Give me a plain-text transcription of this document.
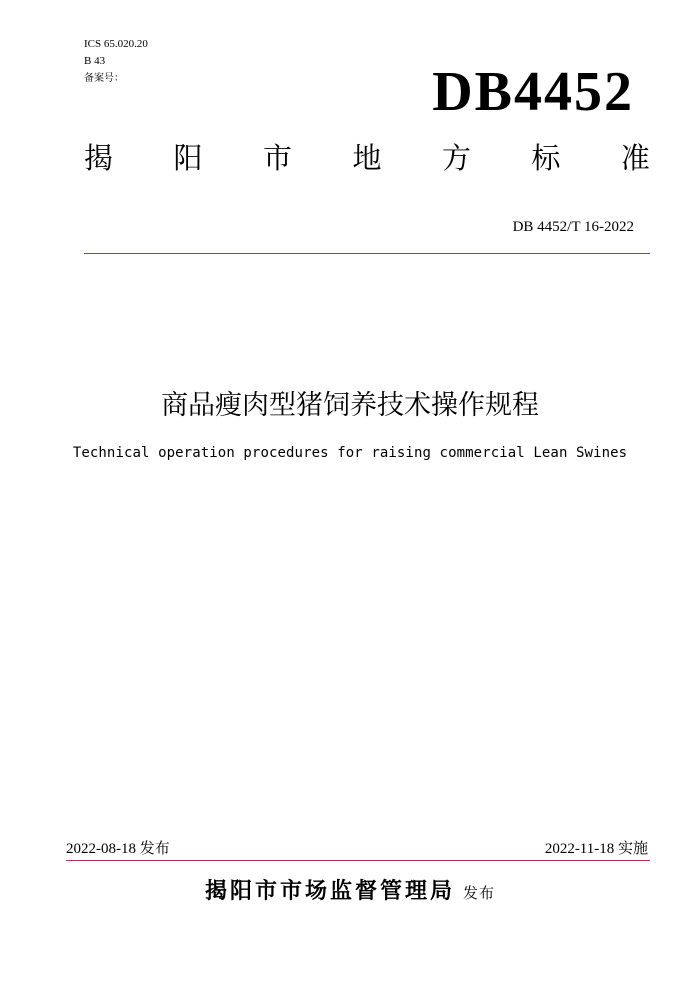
ICS 65.020.20
B 43
备案号：	DB4452
揭 阳 市 地 方 标 准
DB 4452/T 16-2022
商品瘦肉型猪饲养技术操作规程
Technical operation procedures for raising commercial Lean Swines
2022-08-18 发布	2022-11-18 实施
揭阳市市场监督管理局 发布
